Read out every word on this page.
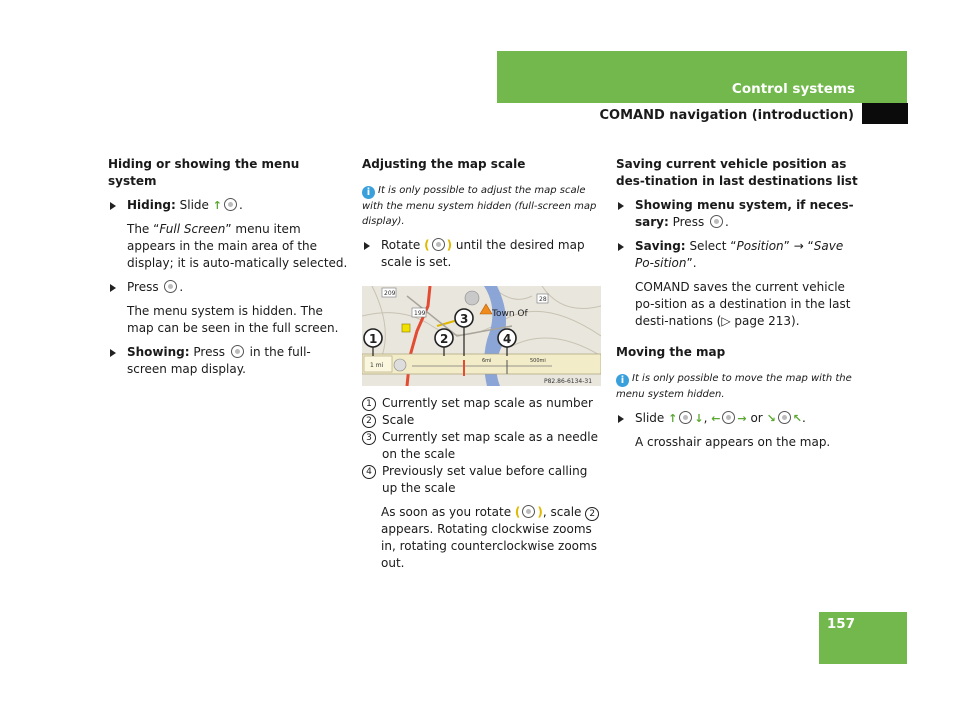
Control systems
COMAND navigation (introduction)
Hiding or showing the menu system
Hiding: Slide ↑ .
The “Full Screen” menu item appears in the main area of the display; it is auto-matically selected.
Press .
The menu system is hidden. The map can be seen in the full screen.
Showing: Press in the full-screen map display.
Adjusting the map scale
i It is only possible to adjust the map scale with the menu system hidden (full-screen map display).
Rotate ( ) until the desired map scale is set.
209
199
28
Town Of
1 mi
6mi	500mi
1	2
3
4
P82.86-6134-31
1 Currently set map scale as number
2 Scale
3 Currently set map scale as a needle on the scale
4 Previously set value before calling up the scale
As soon as you rotate ( ), scale 2 appears. Rotating clockwise zooms in, rotating counterclockwise zooms out.
Saving current vehicle position as des-tination in last destinations list
Showing menu system, if neces-sary: Press .
Saving: Select “Position” → “Save Po-sition”.
COMAND saves the current vehicle po-sition as a destination in the last desti-nations (▷ page 213).
Moving the map
i It is only possible to move the map with the menu system hidden.
Slide ↑ ↓, ← → or ↘ ↖.
A crosshair appears on the map.
157
